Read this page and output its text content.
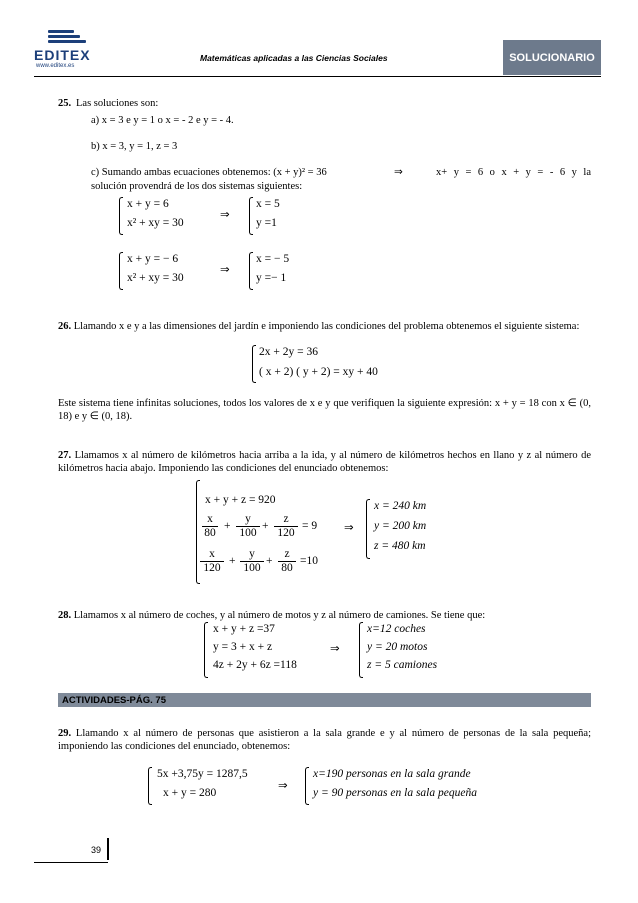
EDITEX
www.editex.es
Matemáticas aplicadas a las Ciencias Sociales	SOLUCIONARIO
25. Las soluciones son:
a) x = 3 e y = 1 o x = - 2 e y = - 4.
b) x = 3, y = 1, z = 3
c) Sumando ambas ecuaciones obtenemos: (x + y)² = 36	⇒	x+ y = 6 o x + y = - 6 y la
solución provendrá de los dos sistemas siguientes:
x + y = 6
x² + xy = 30
⇒
x = 5
y =1
x + y = − 6
x² + xy = 30
⇒
x = − 5
y =− 1
26. Llamando x e y a las dimensiones del jardín e imponiendo las condiciones del problema obtenemos el siguiente sistema:
2x + 2y = 36
( x + 2) ( y + 2) = xy + 40
Este sistema tiene infinitas soluciones, todos los valores de x e y que verifiquen la siguiente expresión: x + y = 18 con x ∈ (0, 18) e y ∈ (0, 18).
27. Llamamos x al número de kilómetros hacia arriba a la ida, y al número de kilómetros hechos en llano y z al número de kilómetros hacia abajo. Imponiendo las condiciones del enunciado obtenemos:
x + y + z = 920
$\frac{x}{80} + \frac{y}{100} + \frac{z}{120} = 9$
$\frac{x}{120} + \frac{y}{100} + \frac{z}{80} =10$
⇒
x = 240 km
y = 200 km
z = 480 km
28. Llamamos x al número de coches, y al número de motos y z al número de camiones. Se tiene que:
x + y + z =37
y = 3 + x + z
4z + 2y + 6z =118
⇒
x=12 coches
y = 20 motos
z = 5 camiones
ACTIVIDADES-PÁG. 75
29. Llamando x al número de personas que asistieron a la sala grande e y al número de personas de la sala pequeña; imponiendo las condiciones del enunciado, obtenemos:
5x +3,75y = 1287,5
x + y = 280
⇒
x=190 personas en la sala grande
y = 90 personas en la sala pequeña
39
